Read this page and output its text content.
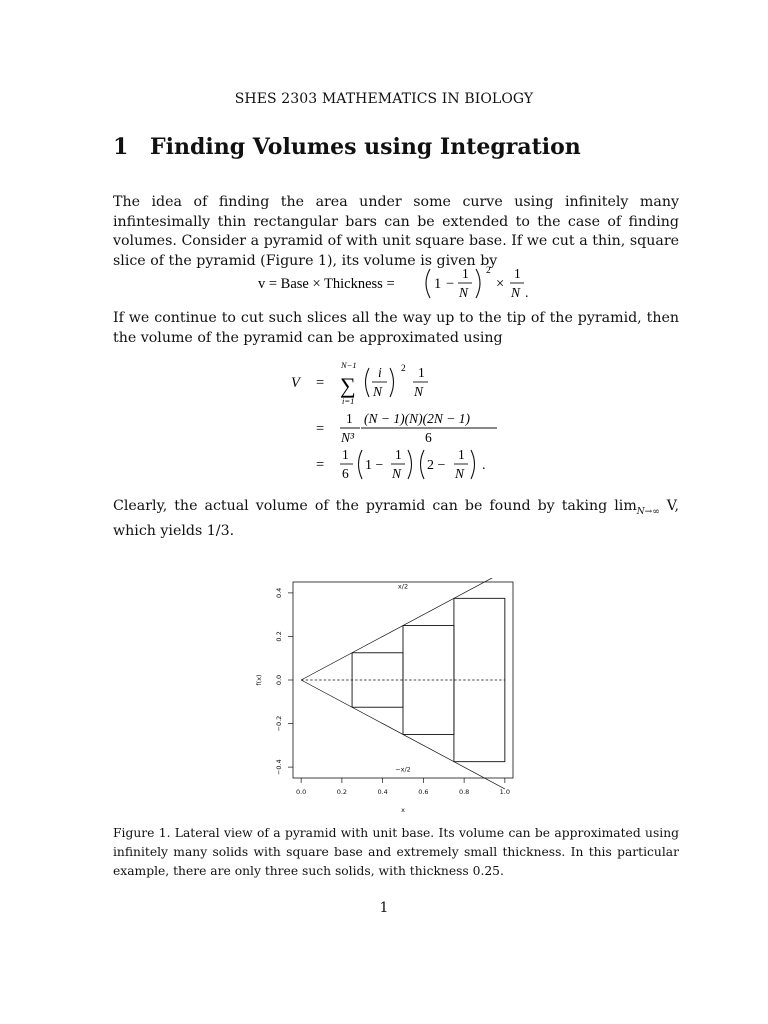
SHES 2303 MATHEMATICS IN BIOLOGY
1 Finding Volumes using Integration
The idea of finding the area under some curve using infinitely many infintesimally thin rectangular bars can be extended to the case of finding volumes. Consider a pyramid of with unit square base. If we cut a thin, square slice of the pyramid (Figure 1), its volume is given by
v = Base × Thickness =	1 −
1
N
2
×
1
N .
If we continue to cut such slices all the way up to the tip of the pyramid, then the volume of the pyramid can be approximated using
V =
N−1
∑
i=1
i
N
2 1
N
=
1
N³
(N − 1)(N)(2N − 1)
6
=
1
6
1 −
1
N
2 −
1
N
.
Clearly, the actual volume of the pyramid can be found by taking $\lim_{N\to\infty} V$, which yields 1/3.
0.0	0.2	0.4	0.6	0.8	1.0
−0.4
−0.2
0.0
0.2
0.4
x
f(x)
x/2
−x/2
Figure 1. Lateral view of a pyramid with unit base. Its volume can be approximated using infinitely many solids with square base and extremely small thickness. In this particular example, there are only three such solids, with thickness 0.25.
1
